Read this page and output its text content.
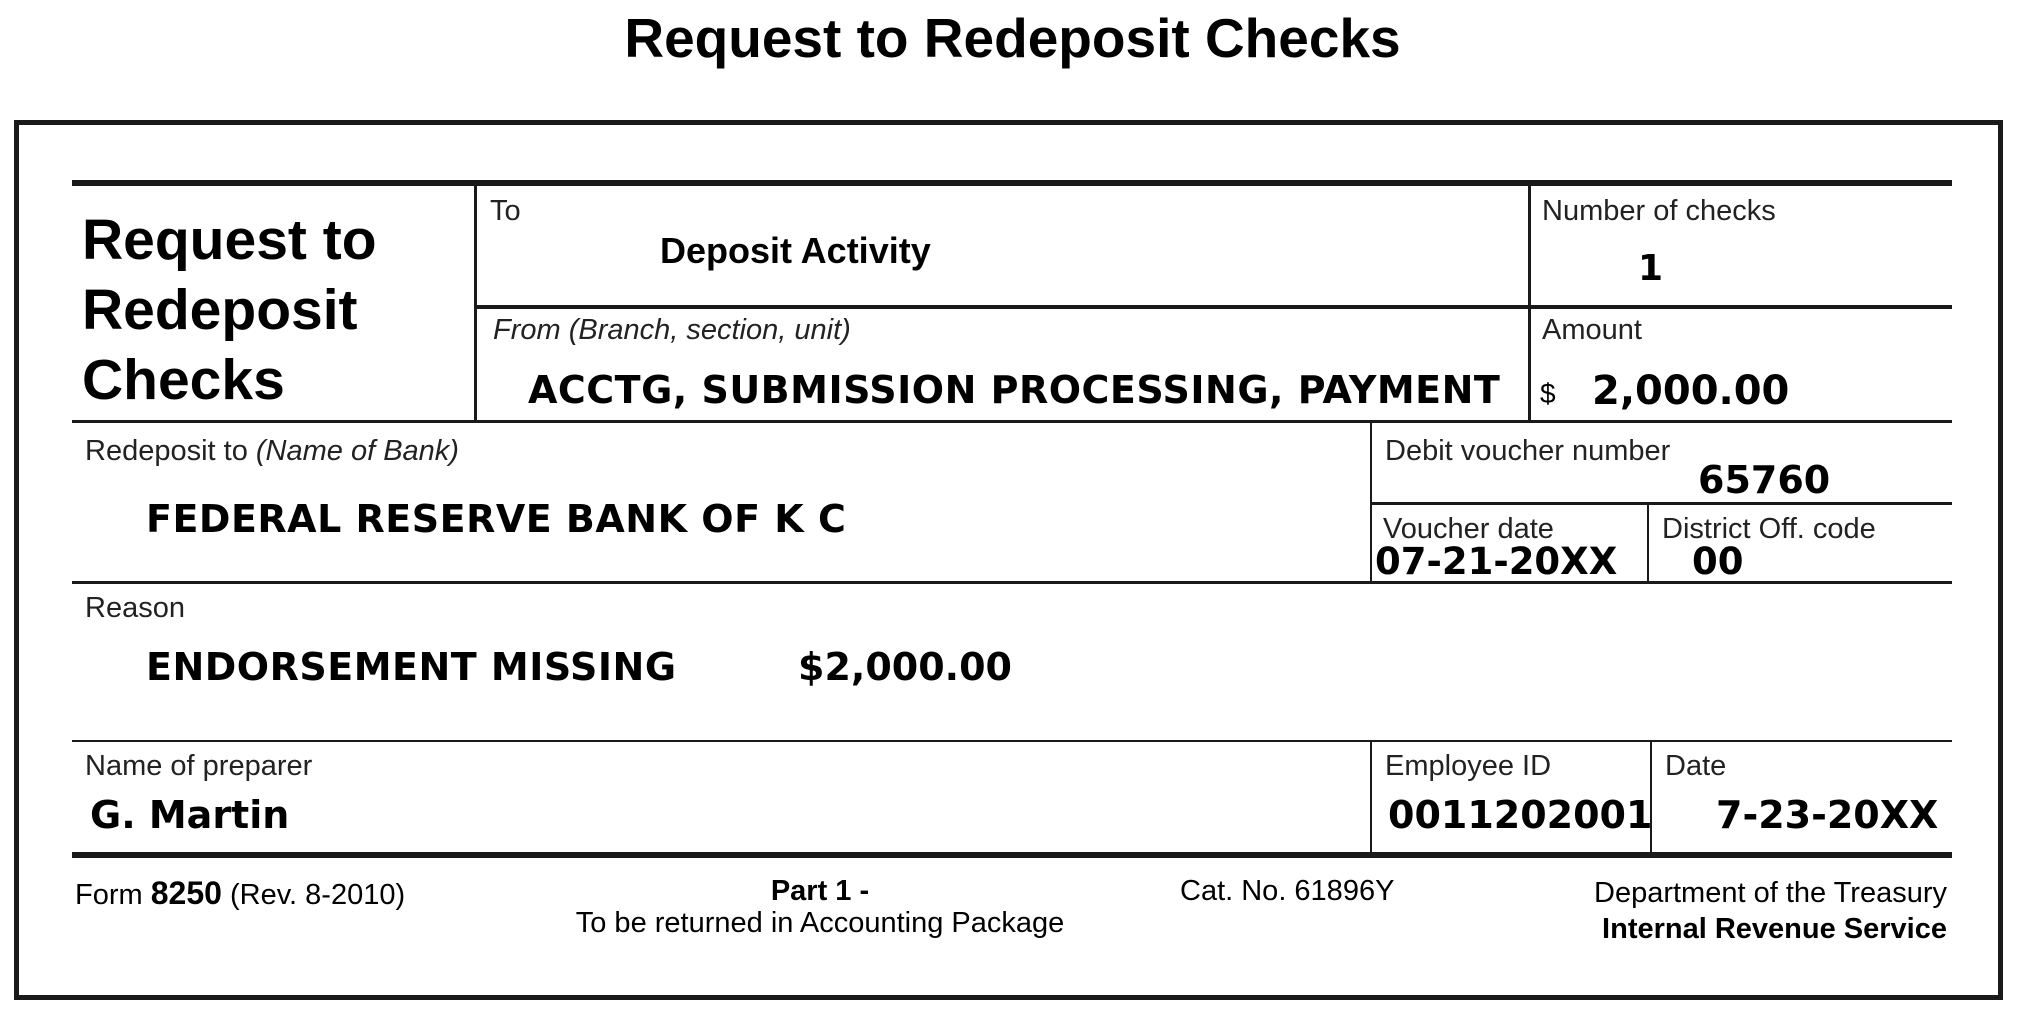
Request to Redeposit Checks
Request to
Redeposit
Checks
To
Deposit Activity
Number of checks
1
From (Branch, section, unit)
ACCTG, SUBMISSION PROCESSING, PAYMENT
Amount
$ 2,000.00
Redeposit to (Name of Bank)
FEDERAL RESERVE BANK OF K C
Debit voucher number
65760
Voucher date
07-21-20XX
District Off. code
00
Reason
ENDORSEMENT MISSING	$2,000.00
Name of preparer
G. Martin
Employee ID
0011202001
Date
7-23-20XX
Form 8250 (Rev. 8-2010)	Part 1 -
To be returned in Accounting Package
Cat. No. 61896Y	Department of the Treasury
Internal Revenue Service
